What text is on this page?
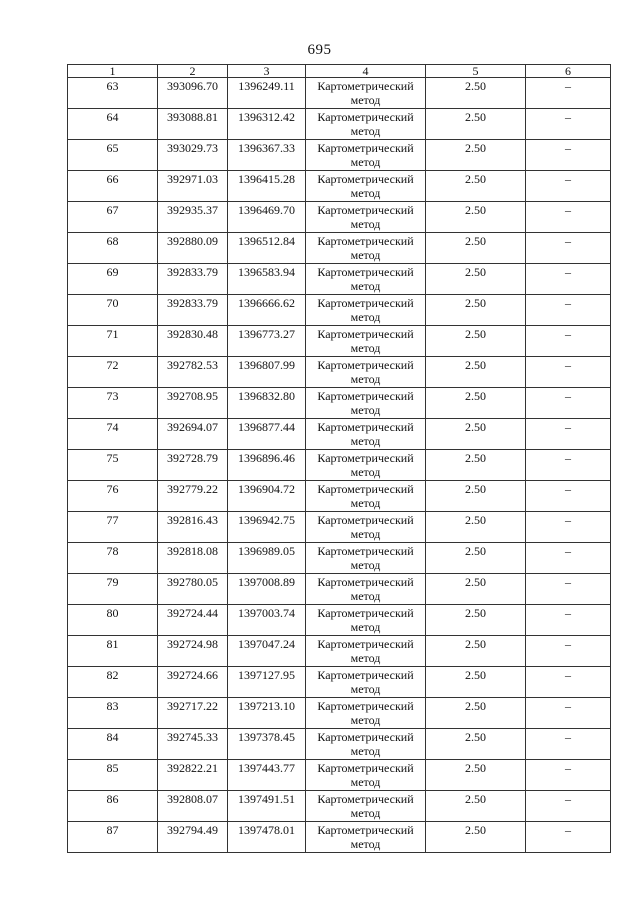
695
1	2	3	4	5	6

63	393096.70	1396249.11	Картометрический метод	2.50	–

64	393088.81	1396312.42	Картометрический метод	2.50	–

65	393029.73	1396367.33	Картометрический метод	2.50	–

66	392971.03	1396415.28	Картометрический метод	2.50	–

67	392935.37	1396469.70	Картометрический метод	2.50	–

68	392880.09	1396512.84	Картометрический метод	2.50	–

69	392833.79	1396583.94	Картометрический метод	2.50	–

70	392833.79	1396666.62	Картометрический метод	2.50	–

71	392830.48	1396773.27	Картометрический метод	2.50	–

72	392782.53	1396807.99	Картометрический метод	2.50	–

73	392708.95	1396832.80	Картометрический метод	2.50	–

74	392694.07	1396877.44	Картометрический метод	2.50	–

75	392728.79	1396896.46	Картометрический метод	2.50	–

76	392779.22	1396904.72	Картометрический метод	2.50	–

77	392816.43	1396942.75	Картометрический метод	2.50	–

78	392818.08	1396989.05	Картометрический метод	2.50	–

79	392780.05	1397008.89	Картометрический метод	2.50	–

80	392724.44	1397003.74	Картометрический метод	2.50	–

81	392724.98	1397047.24	Картометрический метод	2.50	–

82	392724.66	1397127.95	Картометрический метод	2.50	–

83	392717.22	1397213.10	Картометрический метод	2.50	–

84	392745.33	1397378.45	Картометрический метод	2.50	–

85	392822.21	1397443.77	Картометрический метод	2.50	–

86	392808.07	1397491.51	Картометрический метод	2.50	–

87	392794.49	1397478.01	Картометрический метод	2.50	–
